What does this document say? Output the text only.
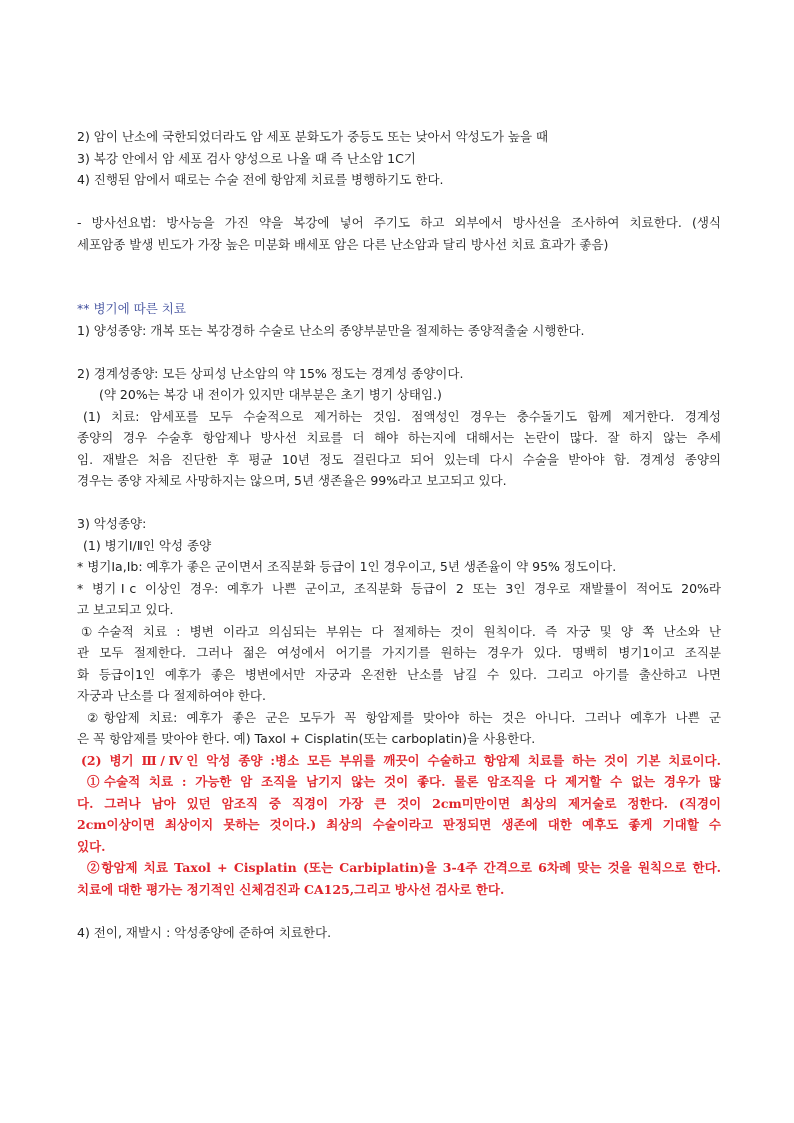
2) 암이 난소에 국한되었더라도 암 세포 분화도가 중등도 또는 낮아서 악성도가 높을 때
3) 복강 안에서 암 세포 검사 양성으로 나올 때 즉 난소암 1C기
4) 진행된 암에서 때로는 수술 전에 항암제 치료를 병행하기도 한다.
- 방사선요법: 방사능을 가진 약을 복강에 넣어 주기도 하고 외부에서 방사선을 조사하여 치료한다. (생식
세포암종 발생 빈도가 가장 높은 미분화 배세포 암은 다른 난소암과 달리 방사선 치료 효과가 좋음)
** 병기에 따른 치료
1) 양성종양: 개복 또는 복강경하 수술로 난소의 종양부분만을 절제하는 종양적출술 시행한다.
2) 경계성종양: 모든 상피성 난소암의 약 15% 정도는 경계성 종양이다.
(약 20%는 복강 내 전이가 있지만 대부분은 초기 병기 상태임.)
(1) 치료: 암세포를 모두 수술적으로 제거하는 것임. 점액성인 경우는 충수돌기도 함께 제거한다. 경계성
종양의 경우 수술후 항암제나 방사선 치료를 더 해야 하는지에 대해서는 논란이 많다. 잘 하지 않는 추세
임. 재발은 처음 진단한 후 평균 10년 정도 걸린다고 되어 있는데 다시 수술을 받아야 함. 경계성 종양의
경우는 종양 자체로 사망하지는 않으며, 5년 생존율은 99%라고 보고되고 있다.
3) 악성종양:
(1) 병기Ⅰ/Ⅱ인 악성 종양
* 병기Ⅰa,Ⅰb: 예후가 좋은 군이면서 조직분화 등급이 1인 경우이고, 5년 생존율이 약 95% 정도이다.
* 병기Ⅰc 이상인 경우: 예후가 나쁜 군이고, 조직분화 등급이 2 또는 3인 경우로 재발률이 적어도 20%라
고 보고되고 있다.
①수술적 치료 : 병변 이라고 의심되는 부위는 다 절제하는 것이 원칙이다. 즉 자궁 및 양 쪽 난소와 난
관 모두 절제한다. 그러나 젊은 여성에서 어기를 가지기를 원하는 경우가 있다. 명백히 병기1이고 조직분
화 등급이1인 예후가 좋은 병변에서만 자궁과 온전한 난소를 남길 수 있다. 그리고 아기를 출산하고 나면
자궁과 난소를 다 절제하여야 한다.
②항암제 치료: 예후가 좋은 군은 모두가 꼭 항암제를 맞아야 하는 것은 아니다. 그러나 예후가 나쁜 군
은 꼭 항암제를 맞아야 한다. 예) Taxol + Cisplatin(또는 carboplatin)을 사용한다.
(2) 병기 Ⅲ/Ⅳ인 악성 종양 :병소 모든 부위를 깨끗이 수술하고 항암제 치료를 하는 것이 기본 치료이다.
①수술적 치료 : 가능한 암 조직을 남기지 않는 것이 좋다. 물론 암조직을 다 제거할 수 없는 경우가 많
다. 그러나 남아 있던 암조직 중 직경이 가장 큰 것이 2cm미만이면 최상의 제거술로 정한다. (직경이
2cm이상이면 최상이지 못하는 것이다.) 최상의 수술이라고 판정되면 생존에 대한 예후도 좋게 기대할 수
있다.
②항암제 치료 Taxol + Cisplatin (또는 Carbiplatin)을 3-4주 간격으로 6차례 맞는 것을 원칙으로 한다.
치료에 대한 평가는 정기적인 신체검진과 CA125,그리고 방사선 검사로 한다.
4) 전이, 재발시 : 악성종양에 준하여 치료한다.
